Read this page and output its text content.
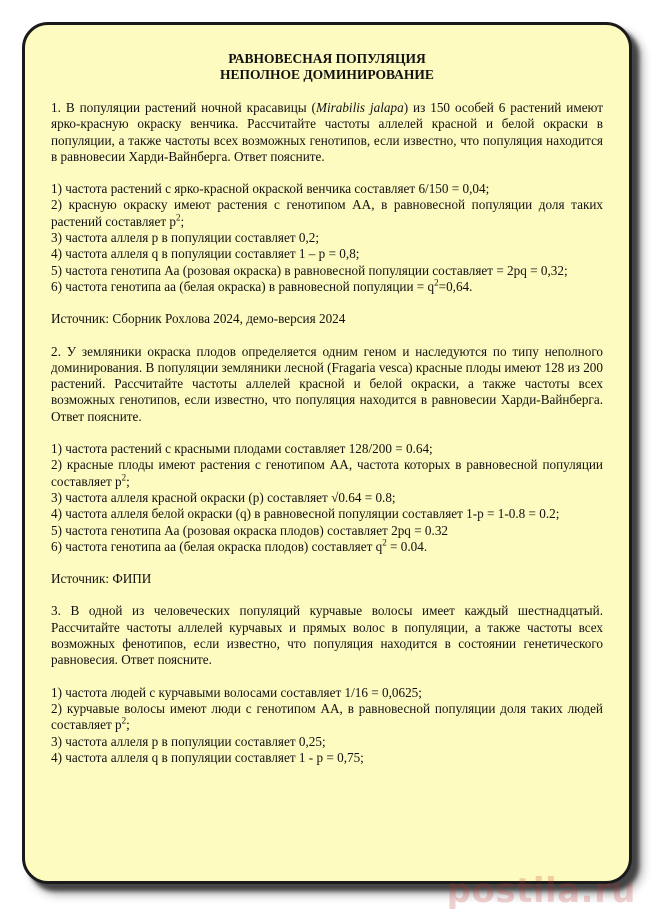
РАВНОВЕСНАЯ ПОПУЛЯЦИЯ
НЕПОЛНОЕ ДОМИНИРОВАНИЕ

1. В популяции растений ночной красавицы (Mirabilis jalapa) из 150 особей 6 растений имеют ярко-красную окраску венчика. Рассчитайте частоты аллелей красной и белой окраски в популяции, а также частоты всех возможных генотипов, если известно, что популяция находится в равновесии Харди-Вайнберга. Ответ поясните.

1) частота растений с ярко-красной окраской венчика составляет 6/150 = 0,04;

2) красную окраску имеют растения с генотипом АА, в равновесной популяции доля таких растений составляет $p^2$;

3) частота аллеля р в популяции составляет 0,2;

4) частота аллеля q в популяции составляет 1 – р = 0,8;

5) частота генотипа Аа (розовая окраска) в равновесной популяции составляет = 2pq = 0,32;

6) частота генотипа аа (белая окраска) в равновесной популяции = $q^2=0,64$.

Источник: Сборник Рохлова 2024, демо-версия 2024

2. У земляники окраска плодов определяется одним геном и наследуются по типу неполного доминирования. В популяции земляники лесной (Fragaria vesca) красные плоды имеют 128 из 200 растений. Рассчитайте частоты аллелей красной и белой окраски, а также частоты всех возможных генотипов, если известно, что популяция находится в равновесии Харди-Вайнберга. Ответ поясните.

1) частота растений с красными плодами составляет 128/200 = 0.64;

2) красные плоды имеют растения с генотипом АА, частота которых в равновесной популяции составляет $р^2$;

3) частота аллеля красной окраски (р) составляет √0.64 = 0.8;

4) частота аллеля белой окраски (q) в равновесной популяции составляет 1-р = 1-0.8 = 0.2;

5) частота генотипа Аа (розовая окраска плодов) составляет 2pq = 0.32

6) частота генотипа аа (белая окраска плодов) составляет $q^2 = 0.04$.

Источник: ФИПИ

3. В одной из человеческих популяций курчавые волосы имеет каждый шестнадцатый. Рассчитайте частоты аллелей курчавых и прямых волос в популяции, а также частоты всех возможных фенотипов, если известно, что популяция находится в состоянии генетического равновесия. Ответ поясните.

1) частота людей с курчавыми волосами составляет 1/16 = 0,0625;

2) курчавые волосы имеют люди с генотипом АА, в равновесной популяции доля таких людей составляет $p^2$;

3) частота аллеля р в популяции составляет 0,25;

4) частота аллеля q в популяции составляет 1 - р = 0,75;

postila.ru
